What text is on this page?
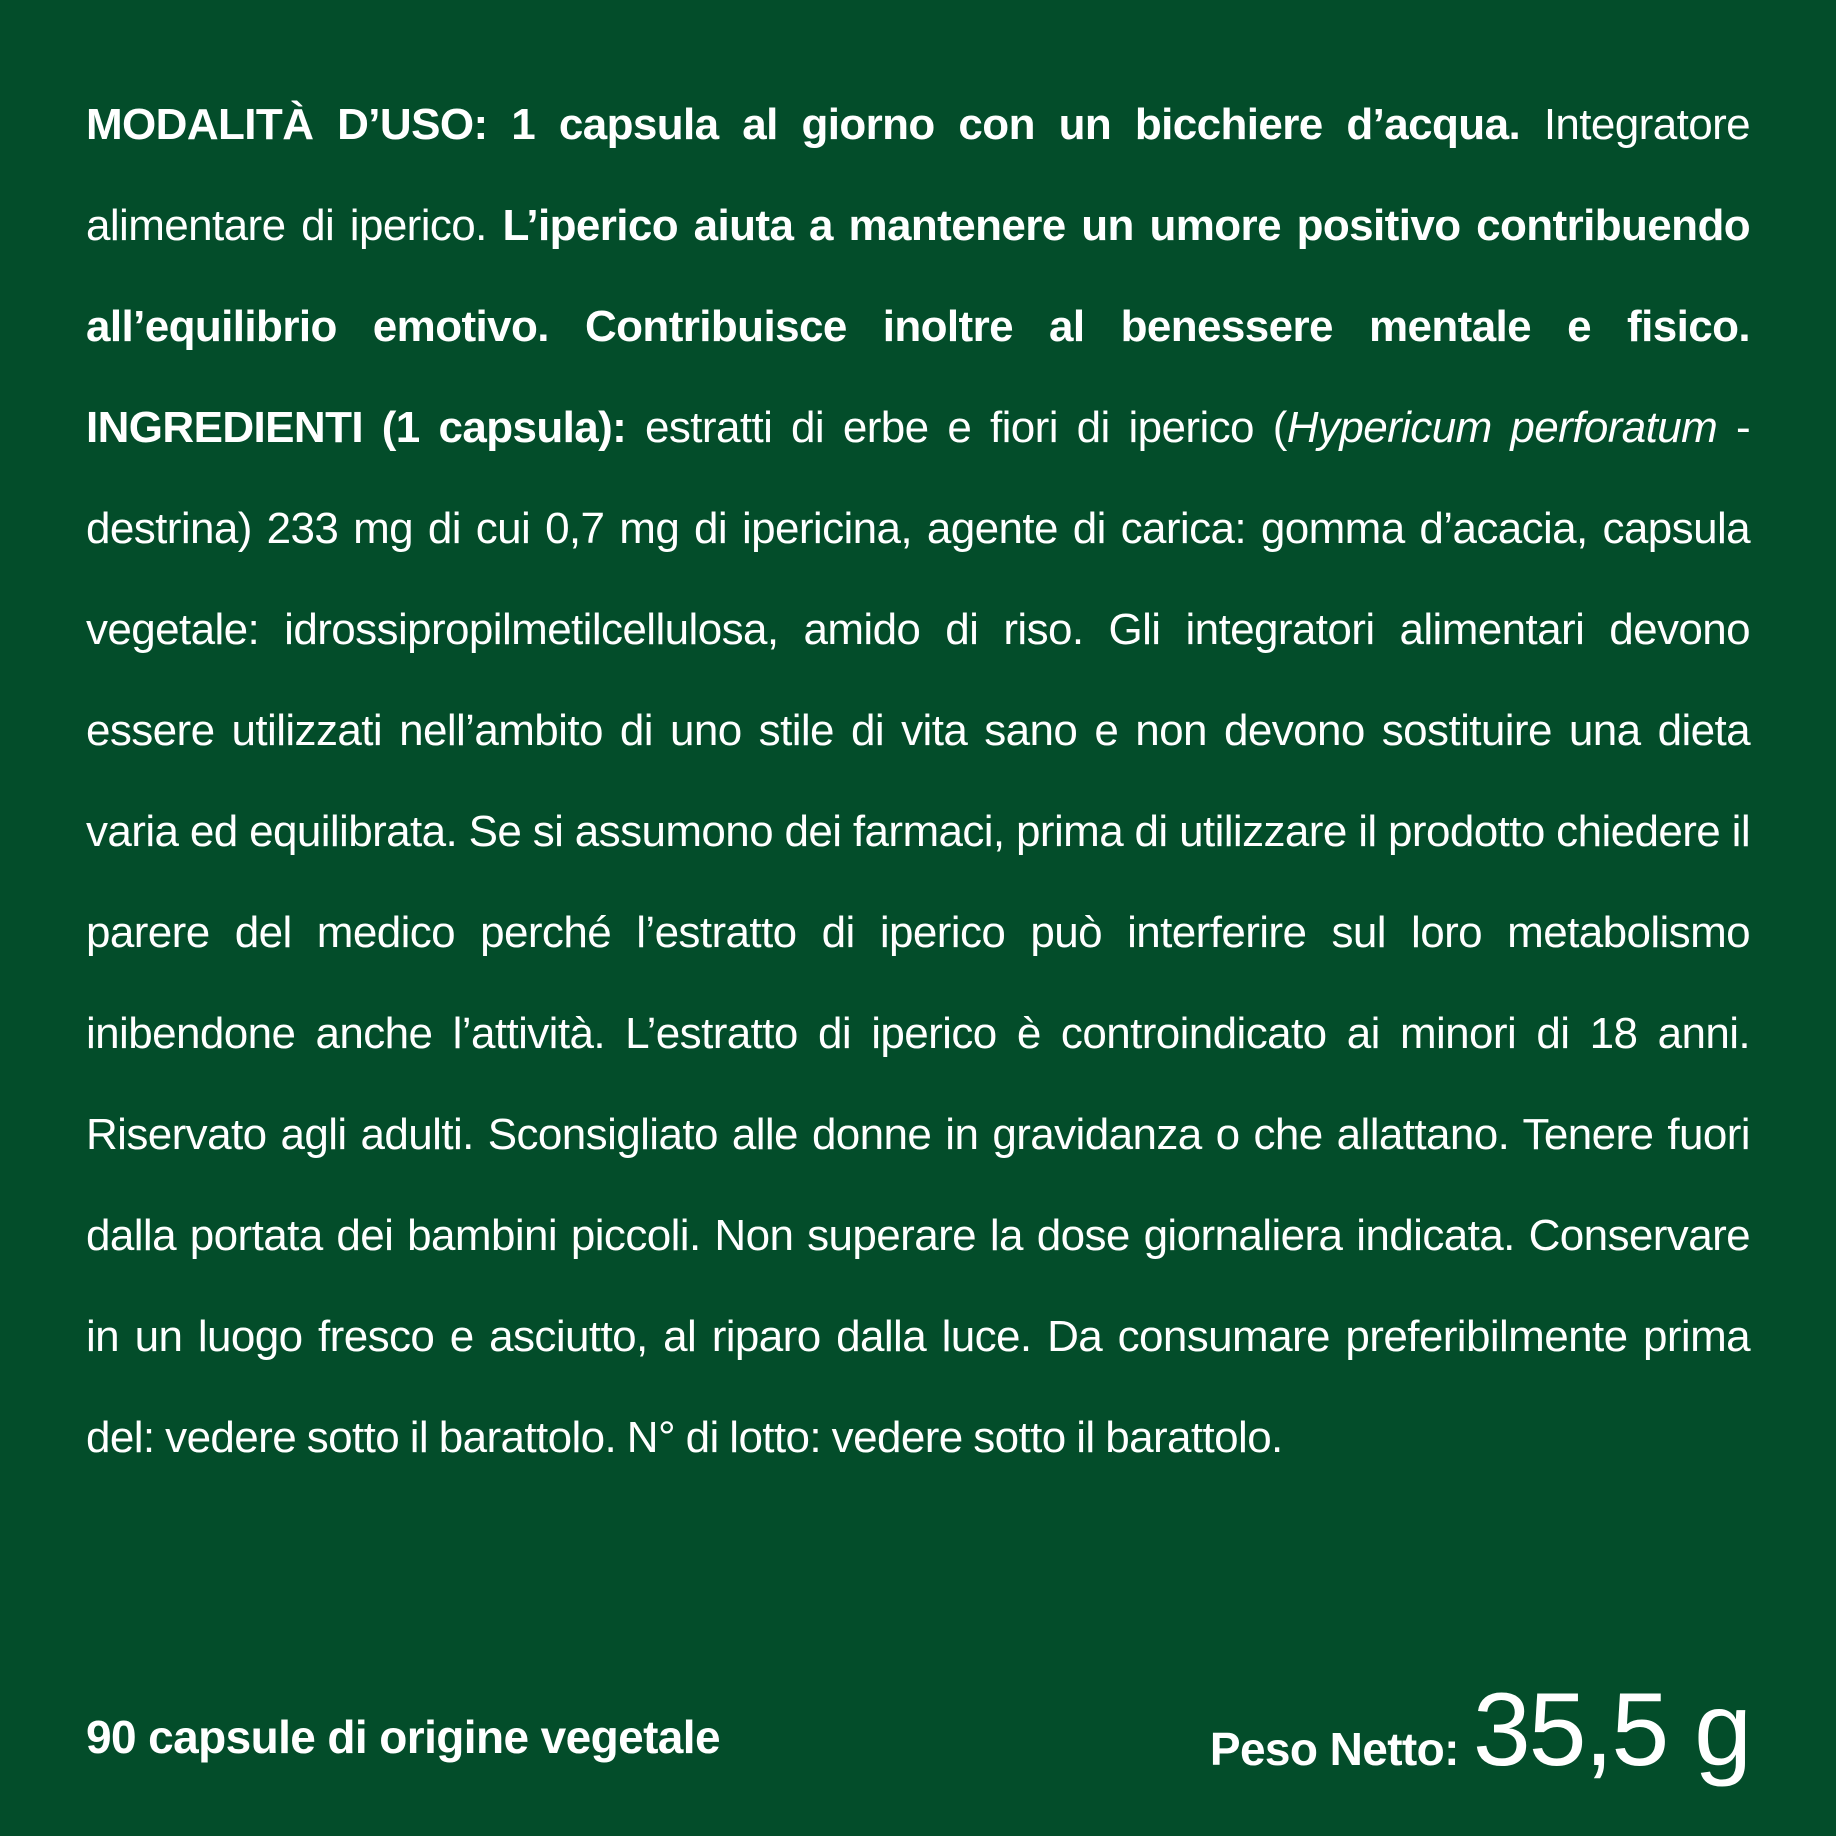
MODALITÀ D’USO: 1 capsula al giorno con un bicchiere d’acqua. Integratore alimentare di iperico. L’iperico aiuta a mantenere un umore positivo contribuendo all’equilibrio emotivo. Contribuisce inoltre al benessere mentale e fisico. INGREDIENTI (1 capsula): estratti di erbe e fiori di iperico (Hypericum perforatum - destrina) 233 mg di cui 0,7 mg di ipericina, agente di carica: gomma d’acacia, capsula vegetale: idrossipropilmetilcellulosa, amido di riso. Gli integratori alimentari devono essere utilizzati nell’ambito di uno stile di vita sano e non devono sostituire una dieta varia ed equilibrata. Se si assumono dei farmaci, prima di utilizzare il prodotto chiedere il parere del medico perché l’estratto di iperico può interferire sul loro metabolismo inibendone anche l’attività. L’estratto di iperico è controindicato ai minori di 18 anni. Riservato agli adulti. Sconsigliato alle donne in gravidanza o che allattano. Tenere fuori dalla portata dei bambini piccoli. Non superare la dose giornaliera indicata. Conservare in un luogo fresco e asciutto, al riparo dalla luce. Da consumare preferibilmente prima del: vedere sotto il barattolo. N° di lotto: vedere sotto il barattolo.

90 capsule di origine vegetale	Peso Netto: 35,5 g
